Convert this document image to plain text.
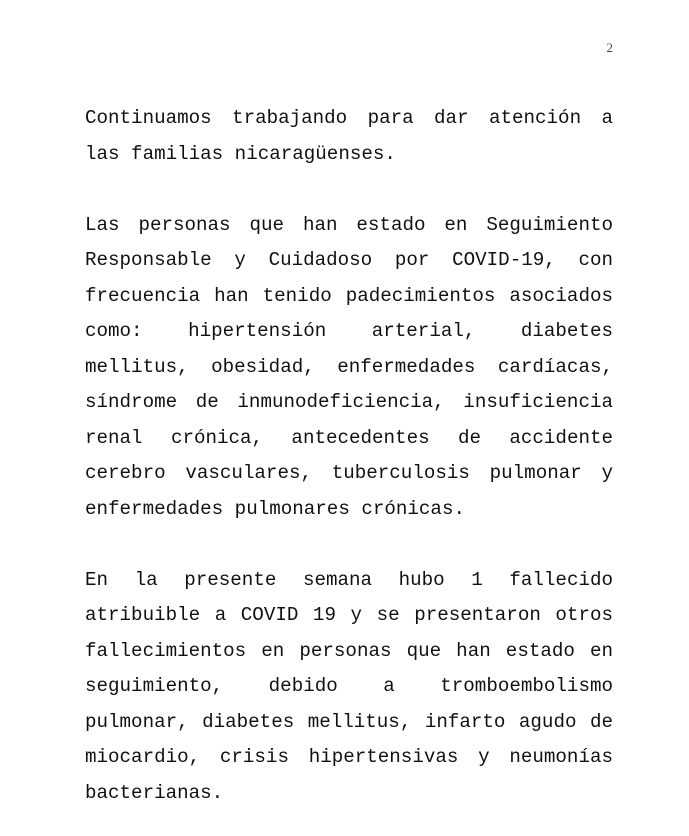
2

Continuamos trabajando para dar atención a las familias nicaragüenses.

Las personas que han estado en Seguimiento Responsable y Cuidadoso por COVID-19, con frecuencia han tenido padecimientos asociados como: hipertensión arterial, diabetes mellitus, obesidad, enfermedades cardíacas, síndrome de inmunodeficiencia, insuficiencia renal crónica, antecedentes de accidente cerebro vasculares, tuberculosis pulmonar y enfermedades pulmonares crónicas.

En la presente semana hubo 1 fallecido atribuible a COVID 19 y se presentaron otros fallecimientos en personas que han estado en seguimiento, debido a tromboembolismo pulmonar, diabetes mellitus, infarto agudo de miocardio, crisis hipertensivas y neumonías bacterianas.
